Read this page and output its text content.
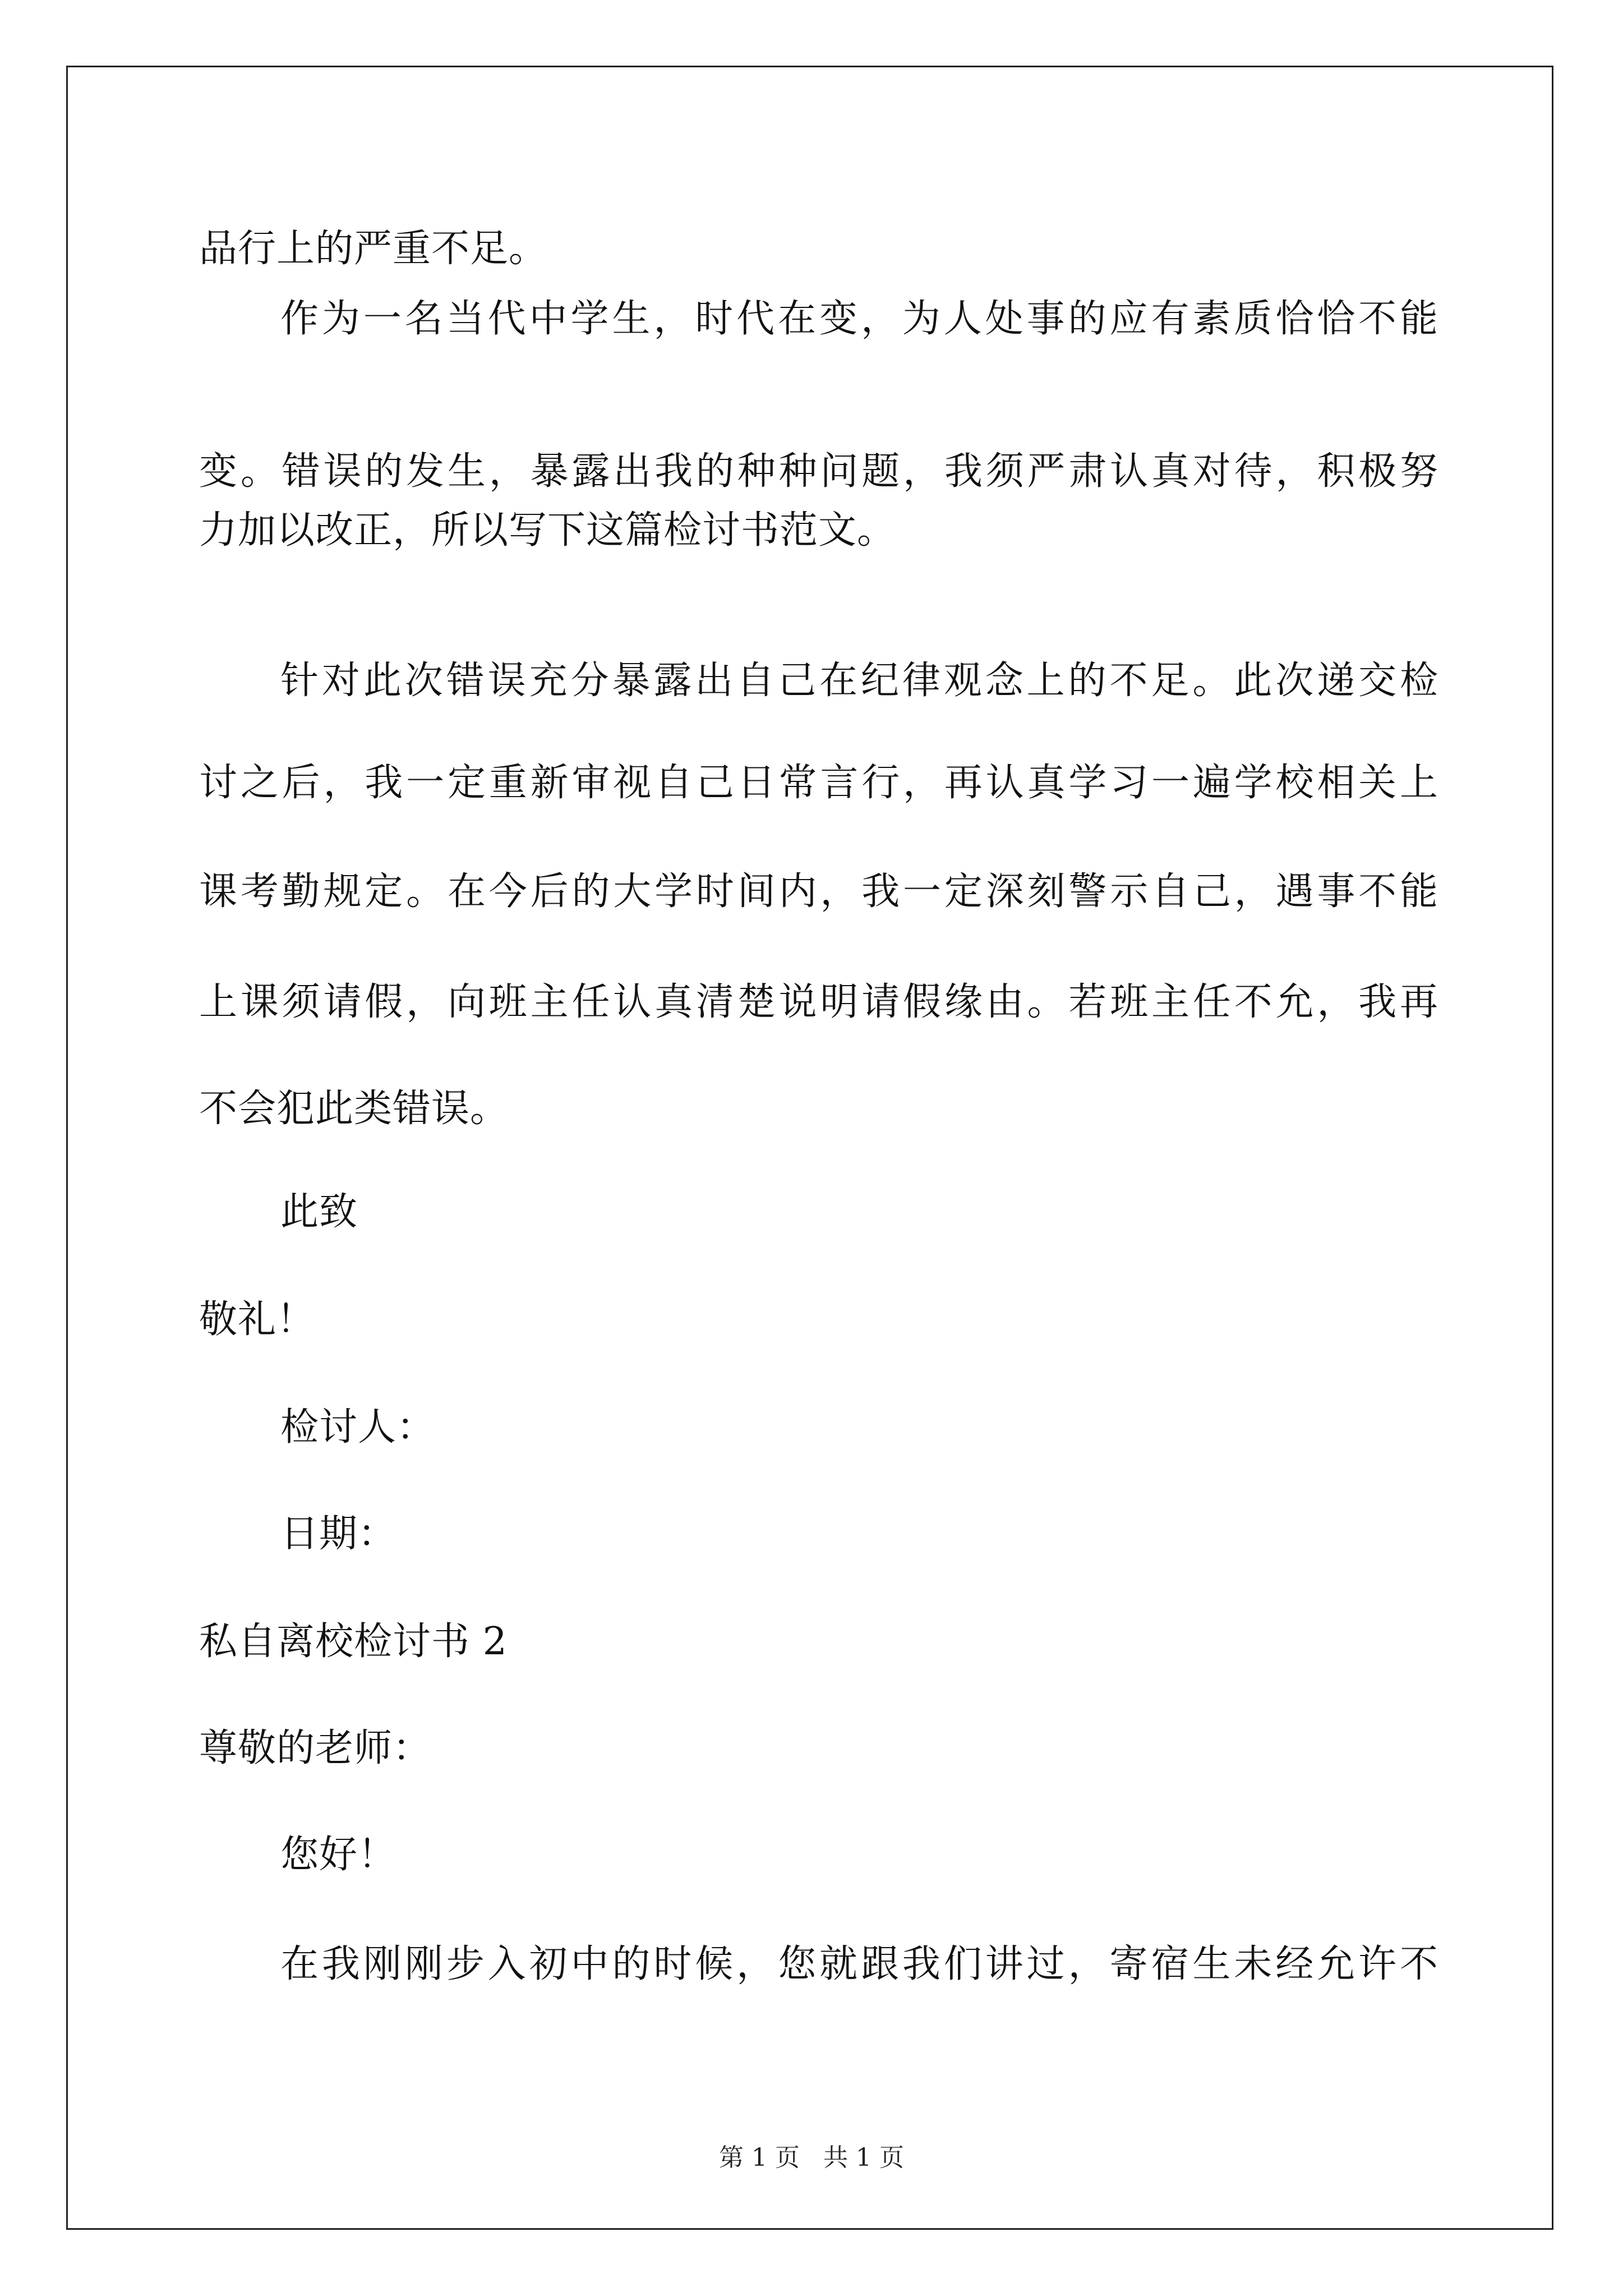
品行上的严重不足。

作为一名当代中学生，时代在变，为人处事的应有素质恰恰不能

变。错误的发生，暴露出我的种种问题，我须严肃认真对待，积极努

力加以改正，所以写下这篇检讨书范文。

针对此次错误充分暴露出自己在纪律观念上的不足。此次递交检

讨之后，我一定重新审视自己日常言行，再认真学习一遍学校相关上

课考勤规定。在今后的大学时间内，我一定深刻警示自己，遇事不能

上课须请假，向班主任认真清楚说明请假缘由。若班主任不允，我再

不会犯此类错误。

此致

敬礼！

检讨人：

日期：

私自离校检讨书 2

尊敬的老师：

您好！

在我刚刚步入初中的时候，您就跟我们讲过，寄宿生未经允许不

第 1 页   共 1 页
